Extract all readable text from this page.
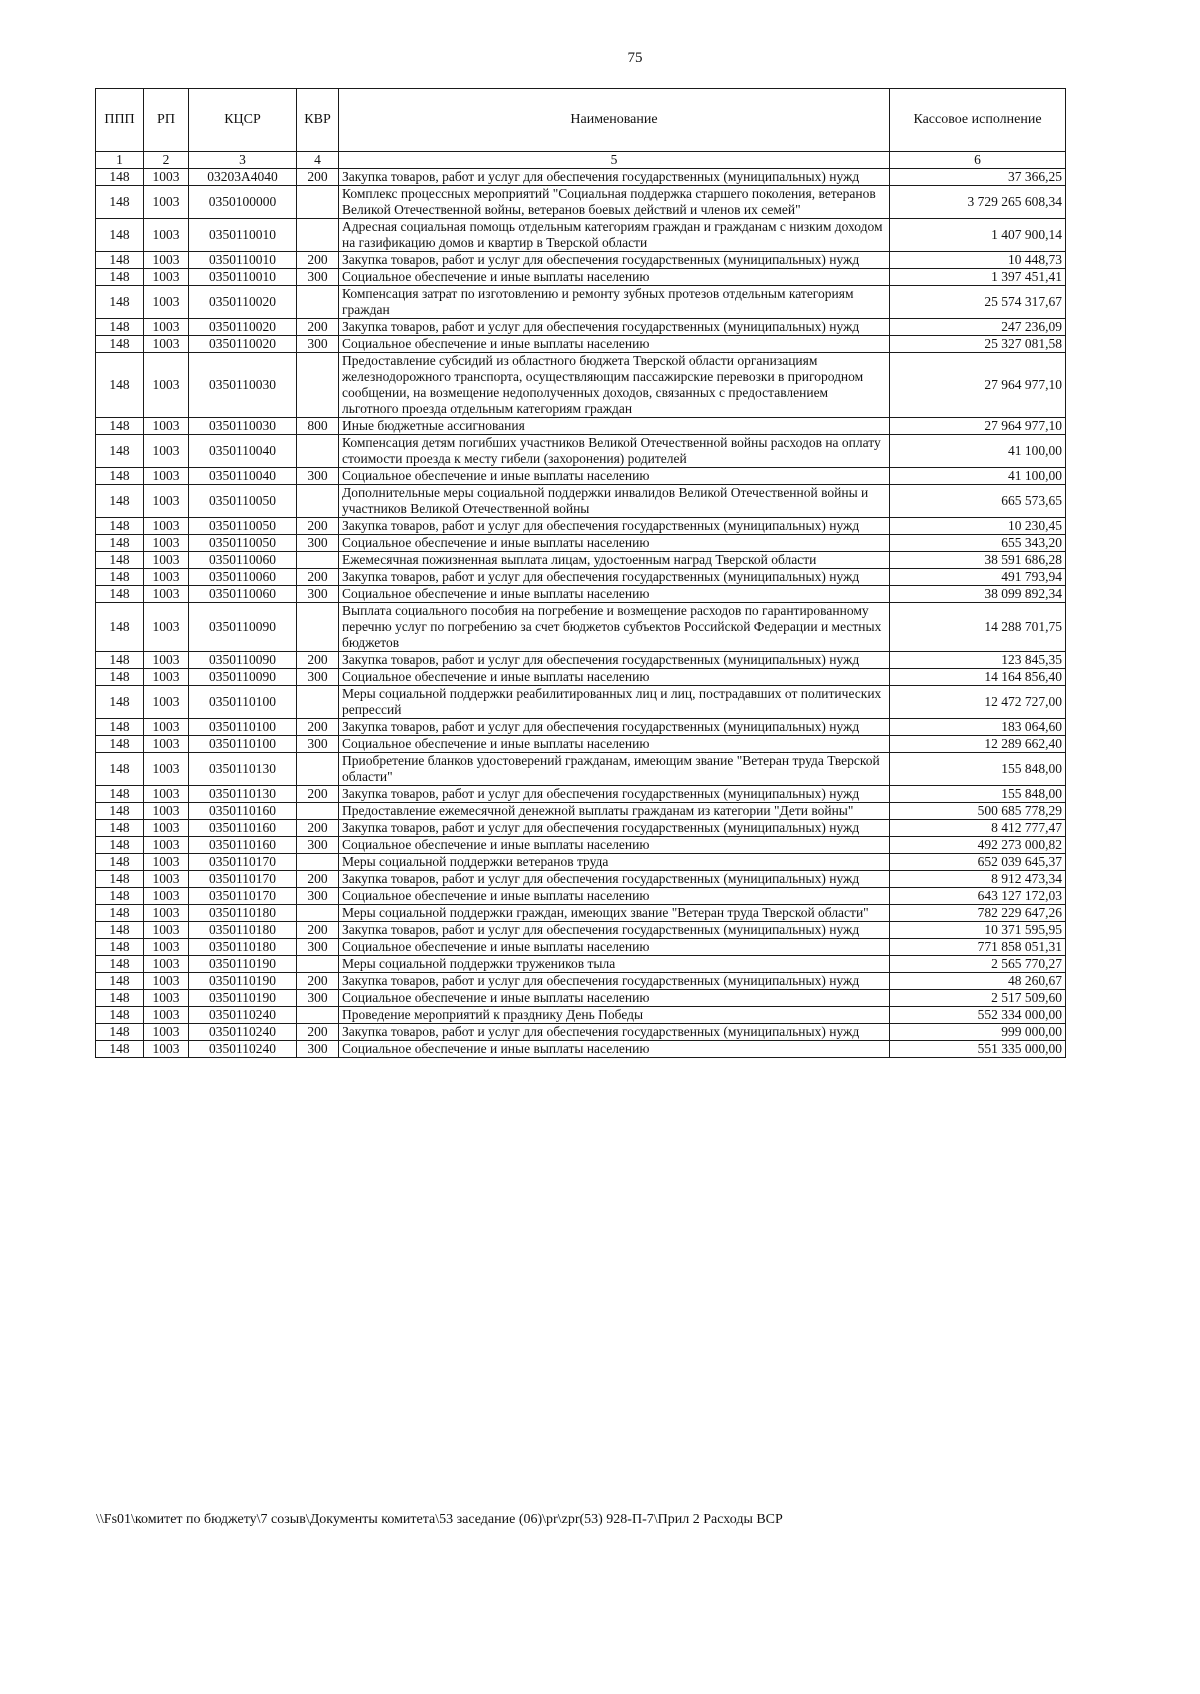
75
ППП	РП	КЦСР	КВР	Наименование	Кассовое исполнение
1	2	3	4	5	6
148	1003	03203А4040	200	Закупка товаров, работ и услуг для обеспечения государственных (муниципальных) нужд	37 366,25
148	1003	0350100000		Комплекс процессных мероприятий "Социальная поддержка старшего поколения, ветеранов Великой Отечественной войны, ветеранов боевых действий и членов их семей"	3 729 265 608,34
148	1003	0350110010		Адресная социальная помощь отдельным категориям граждан и гражданам с низким доходом на газификацию домов и квартир в Тверской области	1 407 900,14
148	1003	0350110010	200	Закупка товаров, работ и услуг для обеспечения государственных (муниципальных) нужд	10 448,73
148	1003	0350110010	300	Социальное обеспечение и иные выплаты населению	1 397 451,41
148	1003	0350110020		Компенсация затрат по изготовлению и ремонту зубных протезов отдельным категориям граждан	25 574 317,67
148	1003	0350110020	200	Закупка товаров, работ и услуг для обеспечения государственных (муниципальных) нужд	247 236,09
148	1003	0350110020	300	Социальное обеспечение и иные выплаты населению	25 327 081,58
148	1003	0350110030		Предоставление субсидий из областного бюджета Тверской области организациям железнодорожного транспорта, осуществляющим пассажирские перевозки в пригородном сообщении, на возмещение недополученных доходов, связанных с предоставлением льготного проезда отдельным категориям граждан	27 964 977,10
148	1003	0350110030	800	Иные бюджетные ассигнования	27 964 977,10
148	1003	0350110040		Компенсация детям погибших участников Великой Отечественной войны расходов на оплату стоимости проезда к месту гибели (захоронения) родителей	41 100,00
148	1003	0350110040	300	Социальное обеспечение и иные выплаты населению	41 100,00
148	1003	0350110050		Дополнительные меры социальной поддержки инвалидов Великой Отечественной войны и участников Великой Отечественной войны	665 573,65
148	1003	0350110050	200	Закупка товаров, работ и услуг для обеспечения государственных (муниципальных) нужд	10 230,45
148	1003	0350110050	300	Социальное обеспечение и иные выплаты населению	655 343,20
148	1003	0350110060		Ежемесячная пожизненная выплата лицам, удостоенным наград Тверской области	38 591 686,28
148	1003	0350110060	200	Закупка товаров, работ и услуг для обеспечения государственных (муниципальных) нужд	491 793,94
148	1003	0350110060	300	Социальное обеспечение и иные выплаты населению	38 099 892,34
148	1003	0350110090		Выплата социального пособия на погребение и возмещение расходов по гарантированному перечню услуг по погребению за счет бюджетов субъектов Российской Федерации и местных бюджетов	14 288 701,75
148	1003	0350110090	200	Закупка товаров, работ и услуг для обеспечения государственных (муниципальных) нужд	123 845,35
148	1003	0350110090	300	Социальное обеспечение и иные выплаты населению	14 164 856,40
148	1003	0350110100		Меры социальной поддержки реабилитированных лиц и лиц, пострадавших от политических репрессий	12 472 727,00
148	1003	0350110100	200	Закупка товаров, работ и услуг для обеспечения государственных (муниципальных) нужд	183 064,60
148	1003	0350110100	300	Социальное обеспечение и иные выплаты населению	12 289 662,40
148	1003	0350110130		Приобретение бланков удостоверений гражданам, имеющим звание "Ветеран труда Тверской области"	155 848,00
148	1003	0350110130	200	Закупка товаров, работ и услуг для обеспечения государственных (муниципальных) нужд	155 848,00
148	1003	0350110160		Предоставление ежемесячной денежной выплаты гражданам из категории "Дети войны"	500 685 778,29
148	1003	0350110160	200	Закупка товаров, работ и услуг для обеспечения государственных (муниципальных) нужд	8 412 777,47
148	1003	0350110160	300	Социальное обеспечение и иные выплаты населению	492 273 000,82
148	1003	0350110170		Меры социальной поддержки ветеранов труда	652 039 645,37
148	1003	0350110170	200	Закупка товаров, работ и услуг для обеспечения государственных (муниципальных) нужд	8 912 473,34
148	1003	0350110170	300	Социальное обеспечение и иные выплаты населению	643 127 172,03
148	1003	0350110180		Меры социальной поддержки граждан, имеющих звание "Ветеран труда Тверской области"	782 229 647,26
148	1003	0350110180	200	Закупка товаров, работ и услуг для обеспечения государственных (муниципальных) нужд	10 371 595,95
148	1003	0350110180	300	Социальное обеспечение и иные выплаты населению	771 858 051,31
148	1003	0350110190		Меры социальной поддержки тружеников тыла	2 565 770,27
148	1003	0350110190	200	Закупка товаров, работ и услуг для обеспечения государственных (муниципальных) нужд	48 260,67
148	1003	0350110190	300	Социальное обеспечение и иные выплаты населению	2 517 509,60
148	1003	0350110240		Проведение мероприятий к празднику День Победы	552 334 000,00
148	1003	0350110240	200	Закупка товаров, работ и услуг для обеспечения государственных (муниципальных) нужд	999 000,00
148	1003	0350110240	300	Социальное обеспечение и иные выплаты населению	551 335 000,00
\\Fs01\комитет по бюджету\7 созыв\Документы комитета\53 заседание (06)\pr\zpr(53) 928-П-7\Прил 2 Расходы ВСР
